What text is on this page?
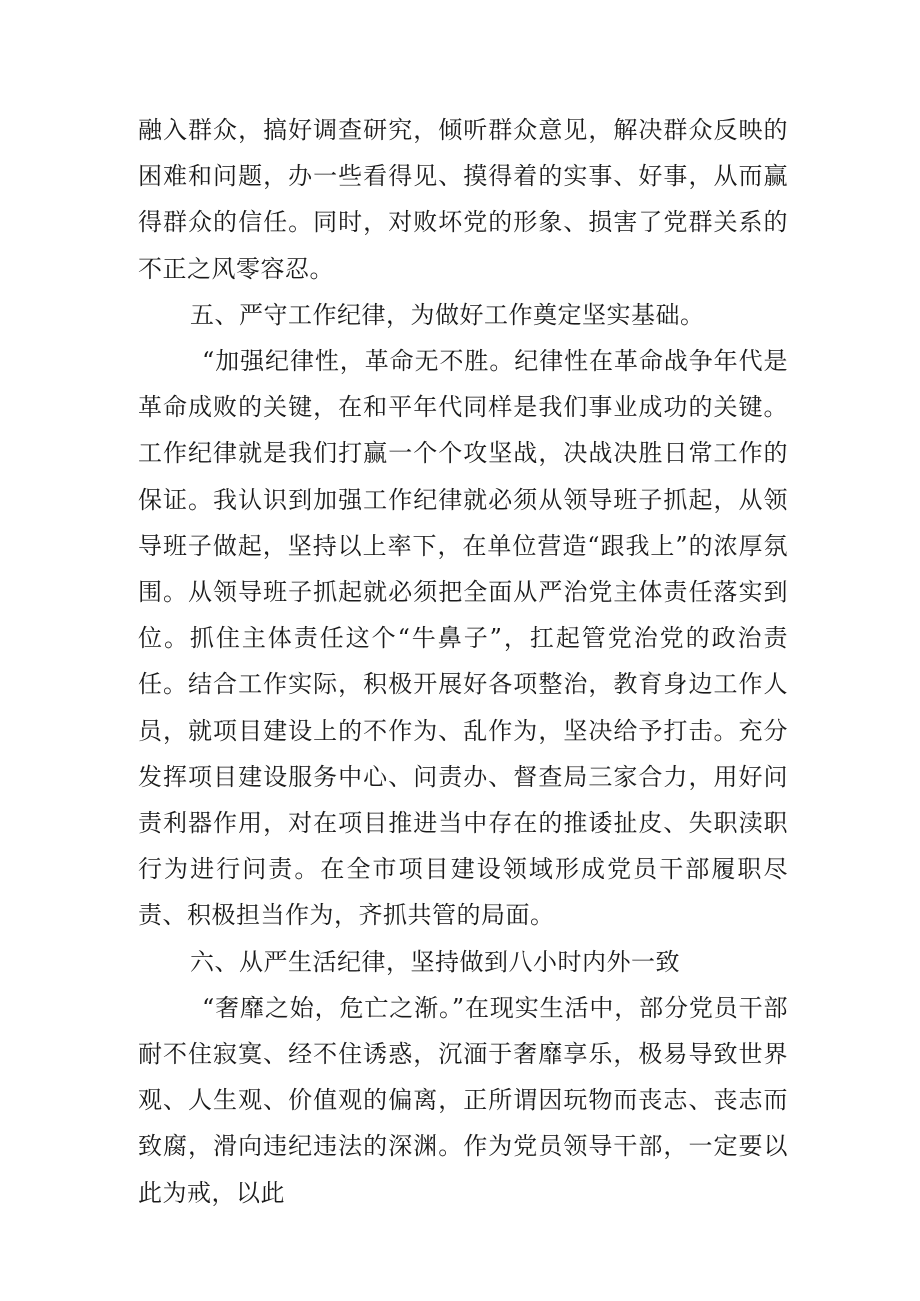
融入群众，搞好调查研究，倾听群众意见，解决群众反映的困难和问题，办一些看得见、摸得着的实事、好事，从而赢得群众的信任。同时，对败坏党的形象、损害了党群关系的不正之风零容忍。

五、严守工作纪律，为做好工作奠定坚实基础。

“加强纪律性，革命无不胜。纪律性在革命战争年代是革命成败的关键，在和平年代同样是我们事业成功的关键。工作纪律就是我们打赢一个个攻坚战，决战决胜日常工作的保证。我认识到加强工作纪律就必须从领导班子抓起，从领导班子做起，坚持以上率下，在单位营造“跟我上”的浓厚氛围。从领导班子抓起就必须把全面从严治党主体责任落实到位。抓住主体责任这个“牛鼻子”，扛起管党治党的政治责任。结合工作实际，积极开展好各项整治，教育身边工作人员，就项目建设上的不作为、乱作为，坚决给予打击。充分发挥项目建设服务中心、问责办、督查局三家合力，用好问责利器作用，对在项目推进当中存在的推诿扯皮、失职渎职行为进行问责。在全市项目建设领域形成党员干部履职尽责、积极担当作为，齐抓共管的局面。

六、从严生活纪律，坚持做到八小时内外一致

“奢靡之始，危亡之渐。”在现实生活中，部分党员干部耐不住寂寞、经不住诱惑，沉湎于奢靡享乐，极易导致世界观、人生观、价值观的偏离，正所谓因玩物而丧志、丧志而致腐，滑向违纪违法的深渊。作为党员领导干部，一定要以此为戒，以此
